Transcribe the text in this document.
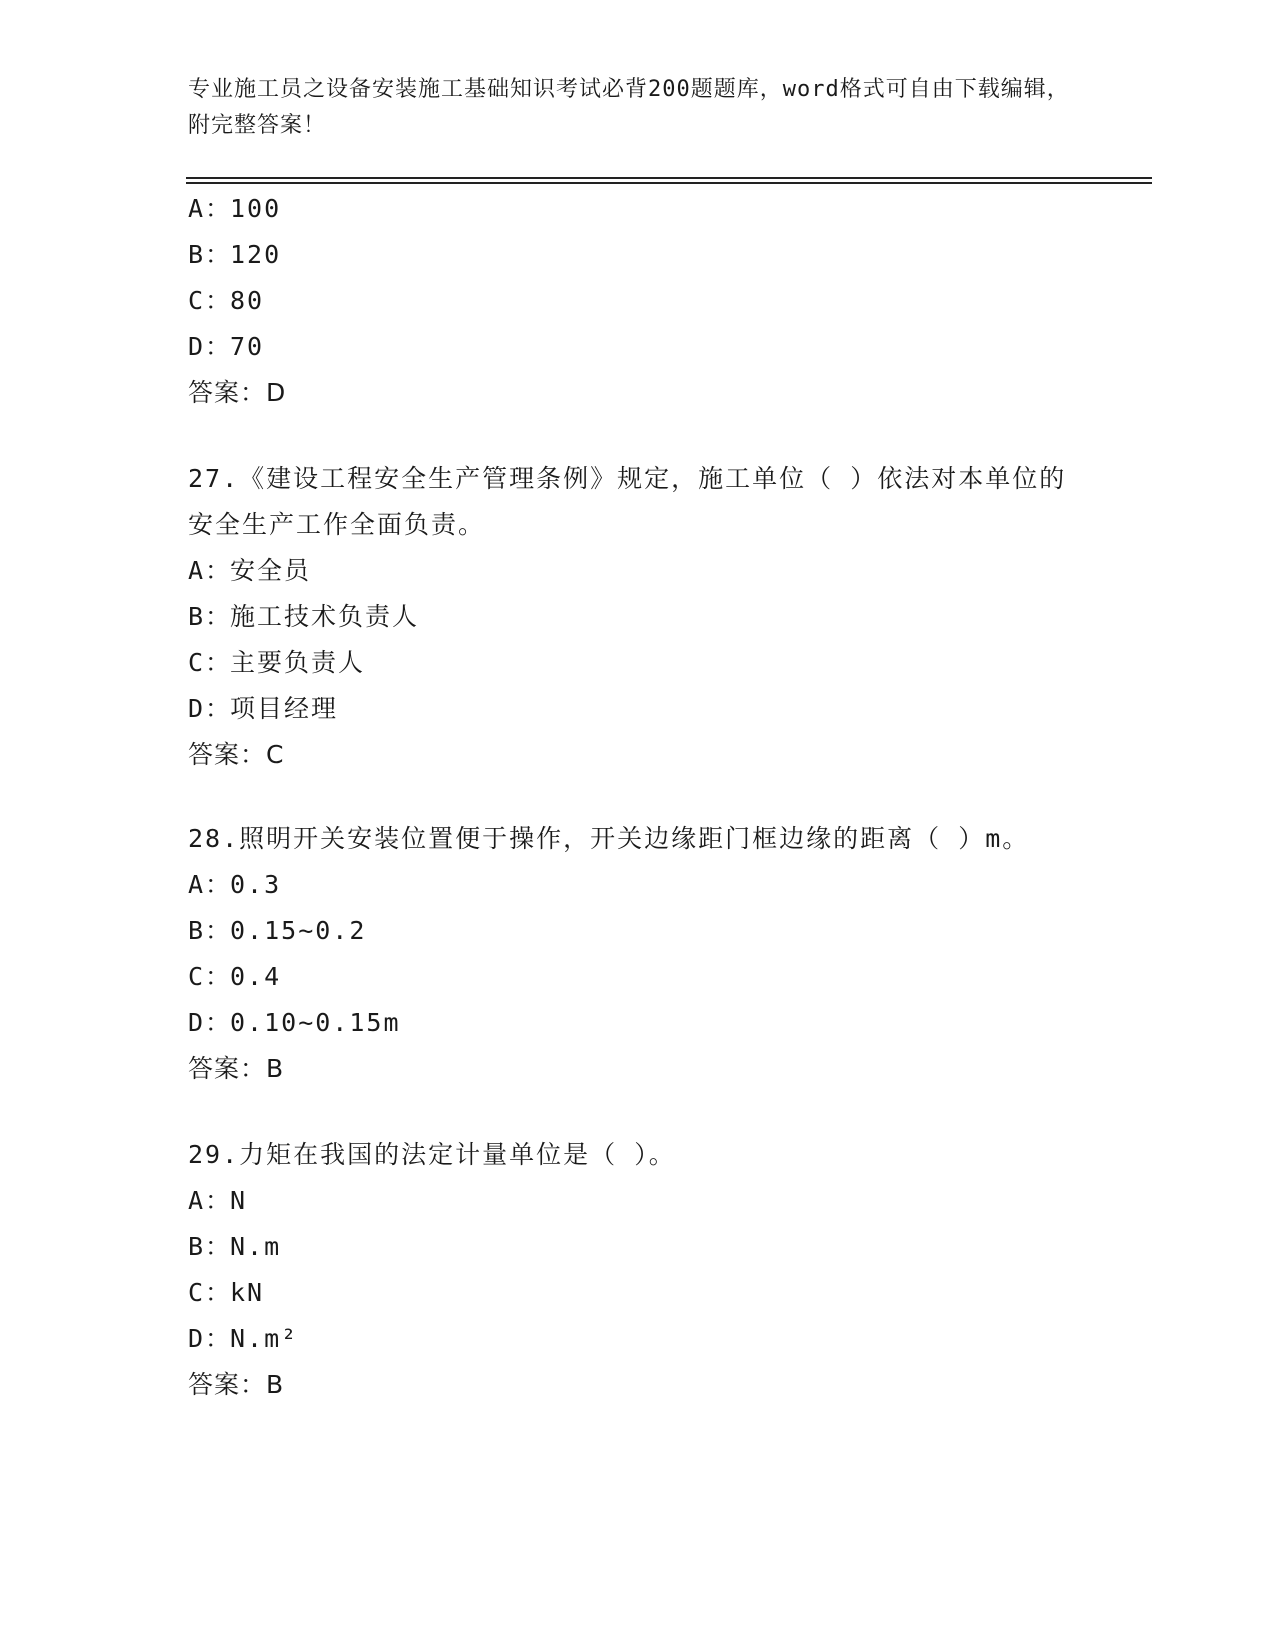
专业施工员之设备安装施工基础知识考试必背200题题库，word格式可自由下载编辑，附完整答案！
A：100
B：120
C：80
D：70
答案：D
27.《建设工程安全生产管理条例》规定，施工单位（ ）依法对本单位的安全生产工作全面负责。
A：安全员
B：施工技术负责人
C：主要负责人
D：项目经理
答案：C
28.照明开关安装位置便于操作，开关边缘距门框边缘的距离（ ）m。
A：0.3
B：0.15~0.2
C：0.4
D：0.10~0.15m
答案：B
29.力矩在我国的法定计量单位是（ ）。
A：N
B：N.m
C：kN
D：N.m²
答案：B
